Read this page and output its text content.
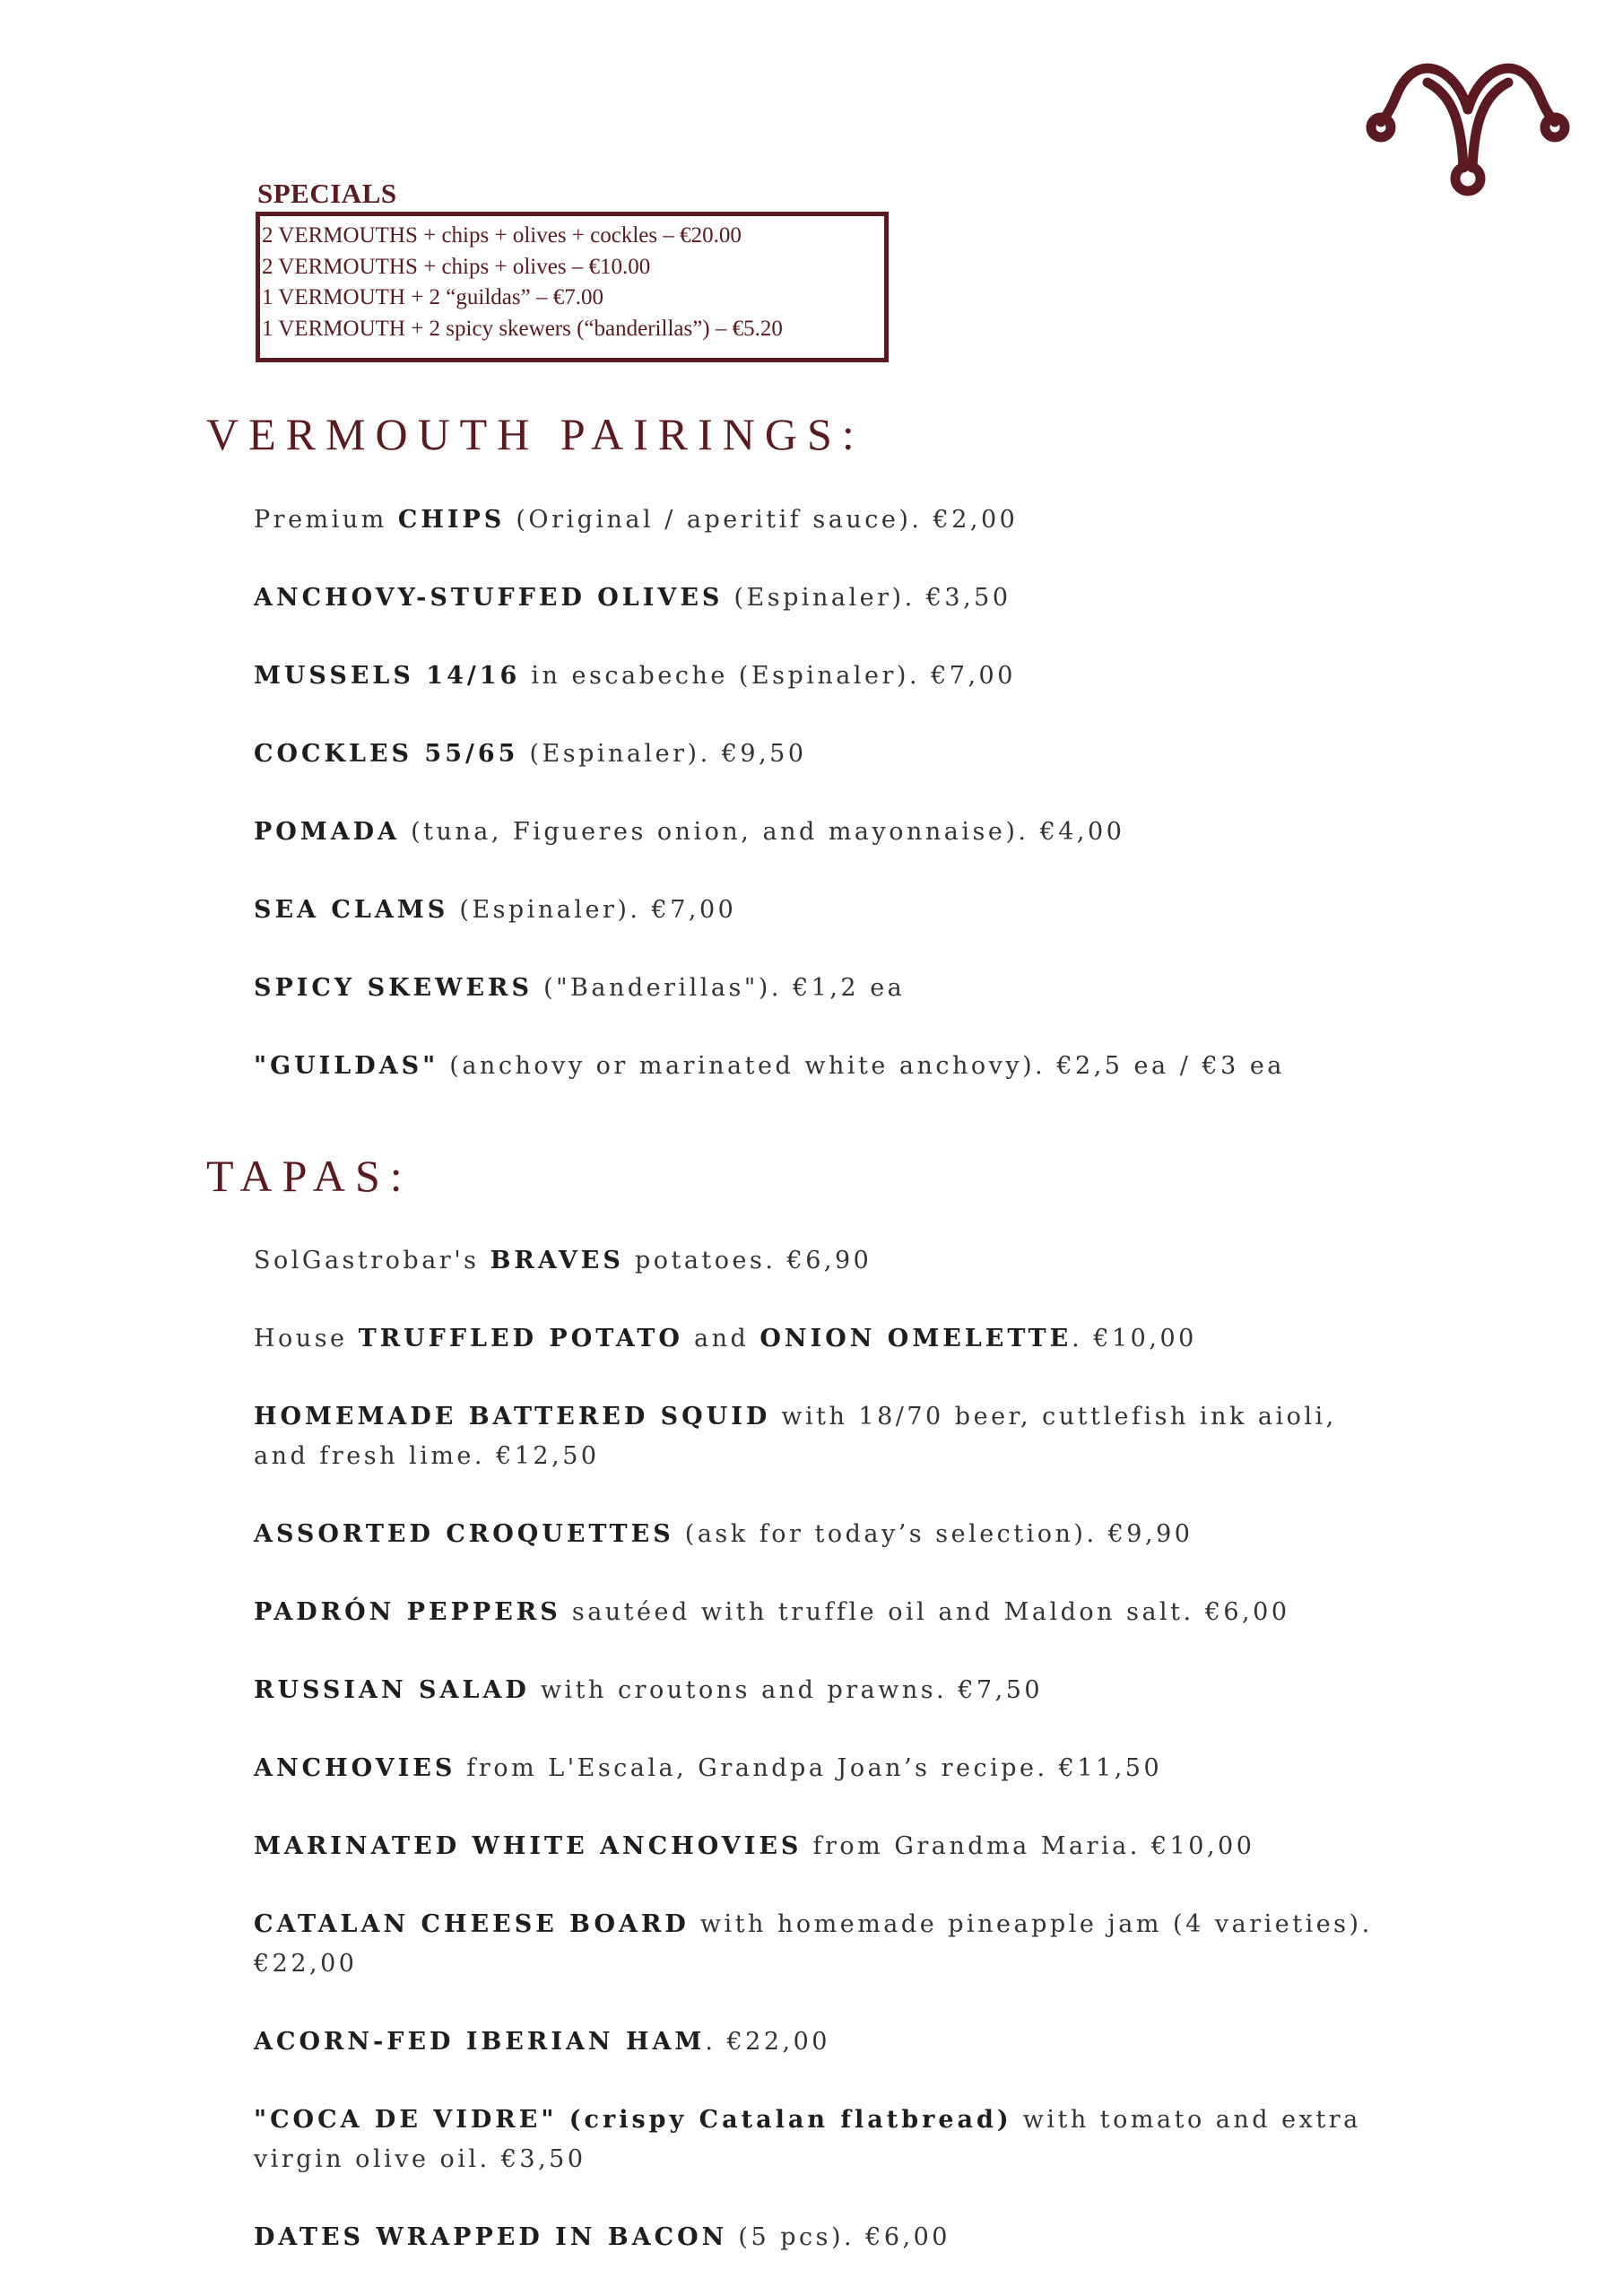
SPECIALS
2 VERMOUTHS + chips + olives + cockles – €20.00
2 VERMOUTHS + chips + olives – €10.00
1 VERMOUTH + 2 “guildas” – €7.00
1 VERMOUTH + 2 spicy skewers (“banderillas”) – €5.20
VERMOUTH PAIRINGS:
Premium CHIPS (Original / aperitif sauce). €2,00
ANCHOVY-STUFFED OLIVES (Espinaler). €3,50
MUSSELS 14/16 in escabeche (Espinaler). €7,00
COCKLES 55/65 (Espinaler). €9,50
POMADA (tuna, Figueres onion, and mayonnaise). €4,00
SEA CLAMS (Espinaler). €7,00
SPICY SKEWERS ("Banderillas"). €1,2 ea
"GUILDAS" (anchovy or marinated white anchovy). €2,5 ea / €3 ea
TAPAS:
SolGastrobar's BRAVES potatoes. €6,90
House TRUFFLED POTATO and ONION OMELETTE. €10,00
HOMEMADE BATTERED SQUID with 18/70 beer, cuttlefish ink aioli, and fresh lime. €12,50
ASSORTED CROQUETTES (ask for today’s selection). €9,90
PADRÓN PEPPERS sautéed with truffle oil and Maldon salt. €6,00
RUSSIAN SALAD with croutons and prawns. €7,50
ANCHOVIES from L'Escala, Grandpa Joan’s recipe. €11,50
MARINATED WHITE ANCHOVIES from Grandma Maria. €10,00
CATALAN CHEESE BOARD with homemade pineapple jam (4 varieties). €22,00
ACORN-FED IBERIAN HAM. €22,00
"COCA DE VIDRE" (crispy Catalan flatbread) with tomato and extra virgin olive oil. €3,50
DATES WRAPPED IN BACON (5 pcs). €6,00
